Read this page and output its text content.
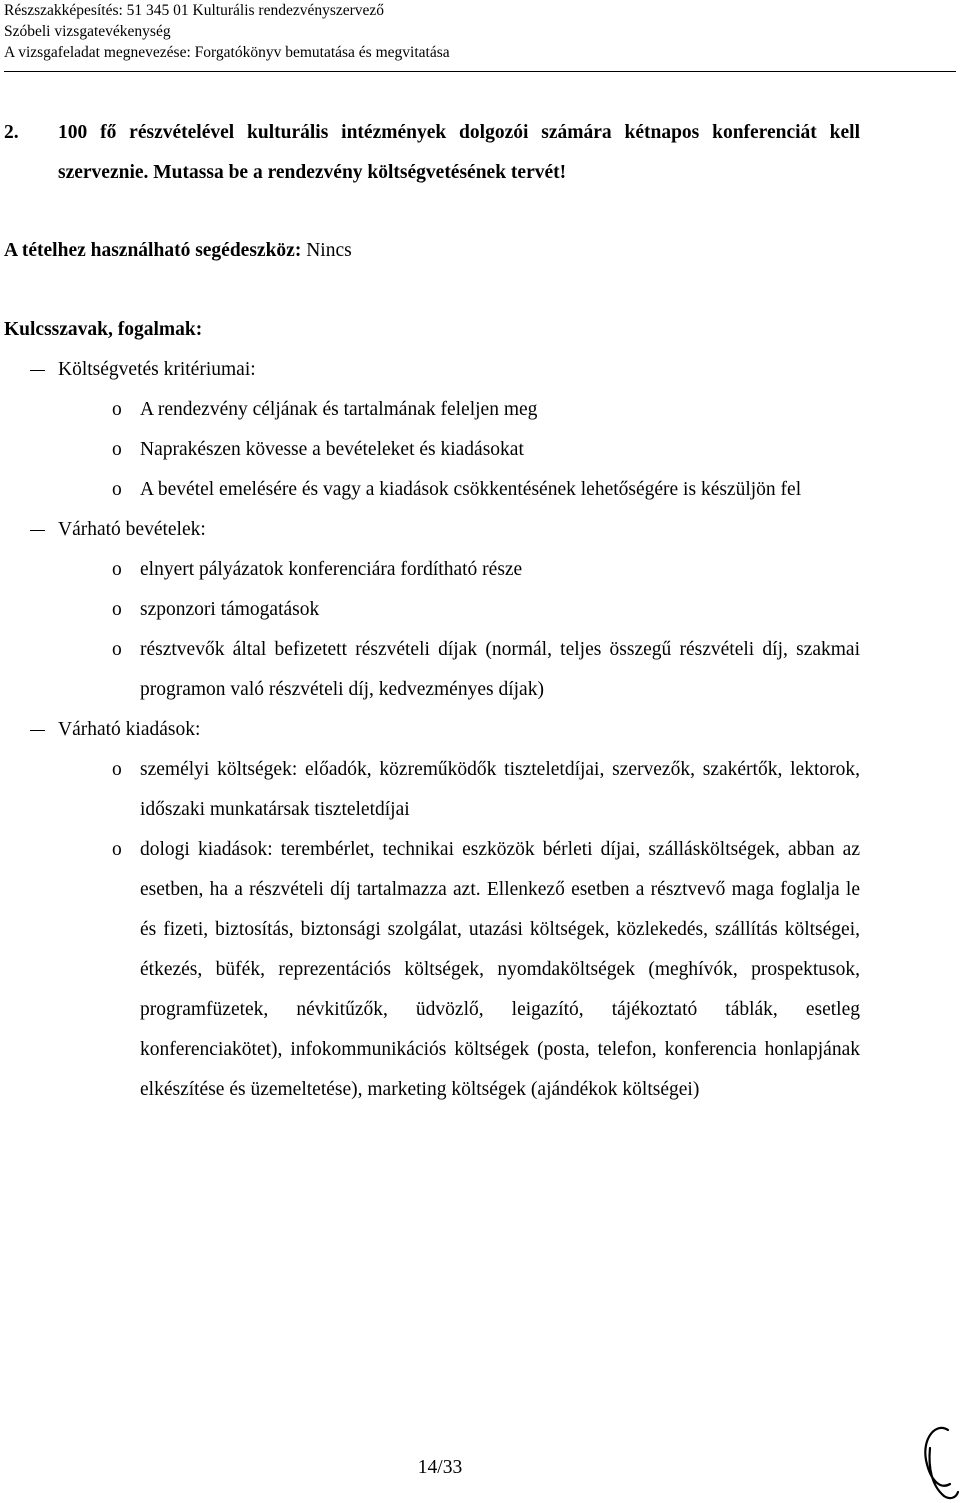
Részszakképesítés: 51 345 01 Kulturális rendezvényszervező
Szóbeli vizsgatevékenység
A vizsgafeladat megnevezése: Forgatókönyv bemutatása és megvitatása
2. 100 fő részvételével kulturális intézmények dolgozói számára kétnapos konferenciát kell szerveznie. Mutassa be a rendezvény költségvetésének tervét!
A tételhez használható segédeszköz: Nincs
Kulcsszavak, fogalmak:
Költségvetés kritériumai:
o A rendezvény céljának és tartalmának feleljen meg
o Naprakészen kövesse a bevételeket és kiadásokat
o A bevétel emelésére és vagy a kiadások csökkentésének lehetőségére is készüljön fel
Várható bevételek:
o elnyert pályázatok konferenciára fordítható része
o szponzori támogatások
o résztvevők által befizetett részvételi díjak (normál, teljes összegű részvételi díj, szakmai programon való részvételi díj, kedvezményes díjak)
Várható kiadások:
o személyi költségek: előadók, közreműködők tiszteletdíjai, szervezők, szakértők, lektorok, időszaki munkatársak tiszteletdíjai
o dologi kiadások: terembérlet, technikai eszközök bérleti díjai, szállásköltségek, abban az esetben, ha a részvételi díj tartalmazza azt. Ellenkező esetben a résztvevő maga foglalja le és fizeti, biztosítás, biztonsági szolgálat, utazási költségek, közlekedés, szállítás költségei, étkezés, büfék, reprezentációs költségek, nyomdaköltségek (meghívók, prospektusok, programfüzetek, névkitűzők, üdvözlő, leigazító, tájékoztató táblák, esetleg konferenciakötet), infokommunikációs költségek (posta, telefon, konferencia honlapjának elkészítése és üzemeltetése), marketing költségek (ajándékok költségei)
14/33
